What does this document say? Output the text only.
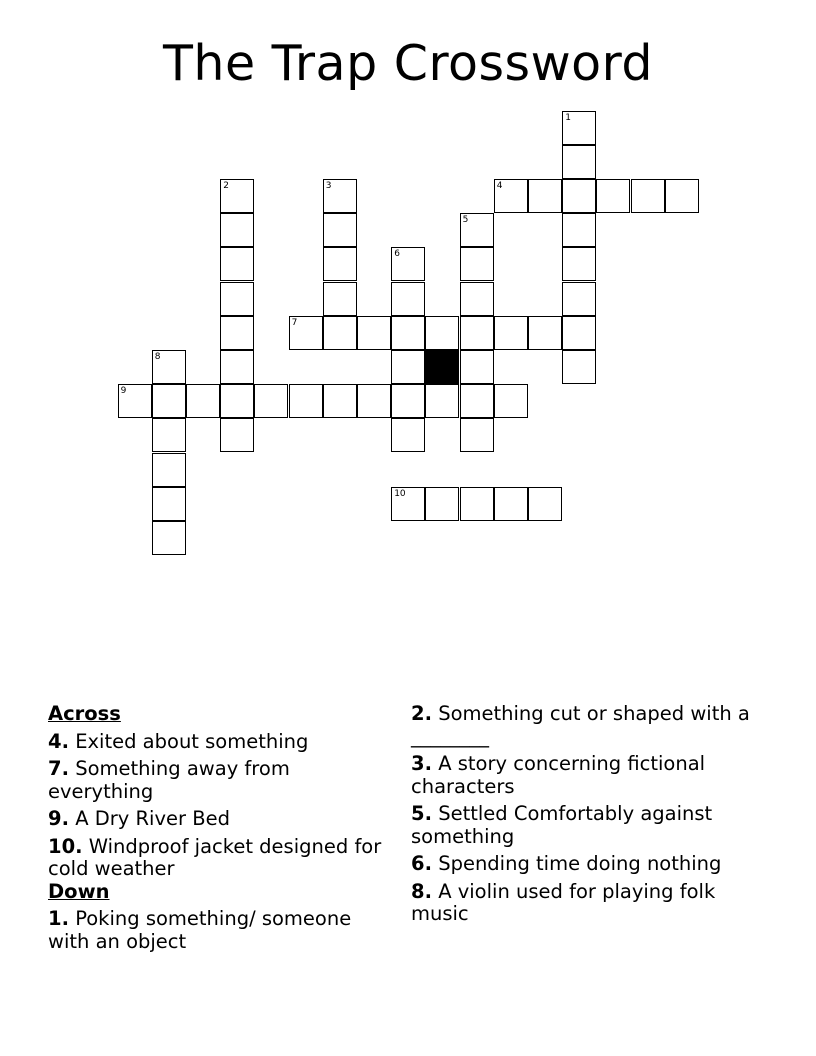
The Trap Crossword
1
2	3	4
5
6
7
8
9
10
Across
4. Exited about something
7. Something away from everything
9. A Dry River Bed
10. Windproof jacket designed for cold weather
Down
1. Poking something/ someone with an object
2. Something cut or shaped with a ________
3. A story concerning fictional characters
5. Settled Comfortably against something
6. Spending time doing nothing
8. A violin used for playing folk music
